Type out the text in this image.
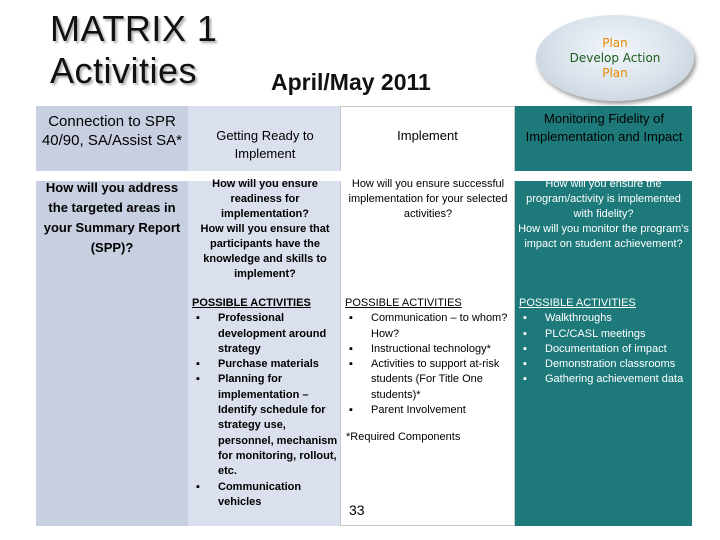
MATRIX 1
Activities	April/May 2011
Plan
Develop Action
Plan
Connection to SPR 40/90, SA/Assist SA*	Getting Ready to Implement
Implement
Monitoring Fidelity of Implementation and Impact
How will you address the targeted areas in your Summary Report (SPP)?

How will you ensure readiness for implementation?

How will you ensure that participants have the knowledge and skills to implement?

How will you ensure successful implementation for your selected activities?

How will you ensure the program/activity is implemented with fidelity?

How will you monitor the program's impact on student achievement?

POSSIBLE ACTIVITIES
▪ Professional development around strategy
▪ Purchase materials
▪ Planning for implementation – Identify schedule for strategy use, personnel, mechanism for monitoring, rollout, etc.
▪ Communication vehicles
POSSIBLE ACTIVITIES
▪ Communication – to whom? How?
▪ Instructional technology*
▪ Activities to support at-risk students (For Title One students)*
▪ Parent Involvement
POSSIBLE ACTIVITIES
▪ Walkthroughs
▪ PLC/CASL meetings
▪ Documentation of impact
▪ Demonstration classrooms
▪ Gathering achievement data
*Required Components
33
